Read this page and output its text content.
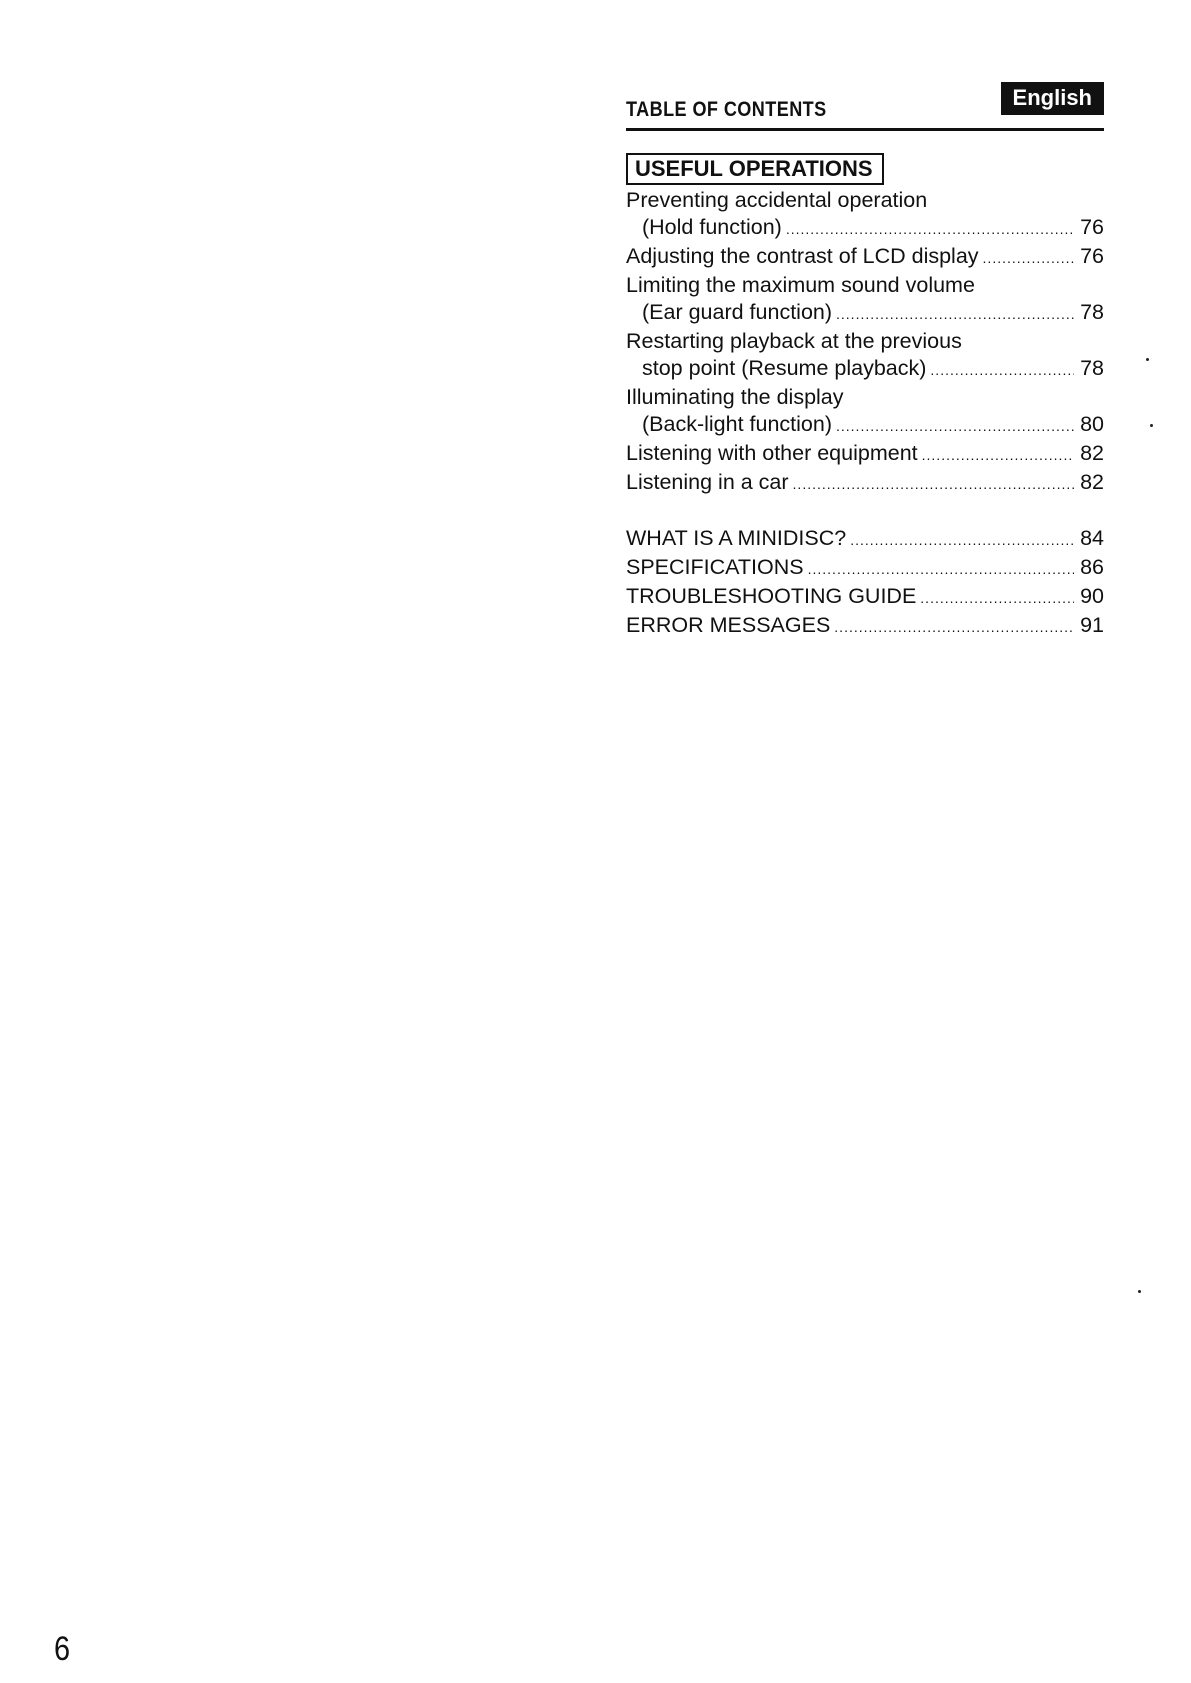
TABLE OF CONTENTS	English
USEFUL OPERATIONS
Preventing accidental operation
(Hold function) .....	76
Adjusting the contrast of LCD display .....	76
Limiting the maximum sound volume
(Ear guard function) .....	78
Restarting playback at the previous
stop point (Resume playback) .....	78
Illuminating the display
(Back-light function) .....	80
Listening with other equipment .....	82
Listening in a car .....	82
WHAT IS A MINIDISC? .....	84
SPECIFICATIONS .....	86
TROUBLESHOOTING GUIDE .....	90
ERROR MESSAGES .....	91
6
